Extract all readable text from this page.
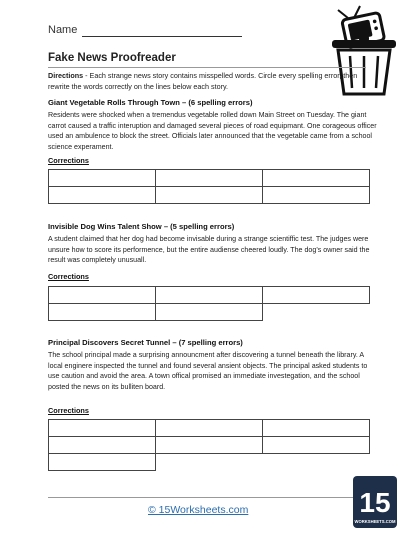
Name
Fake News Proofreader
Directions - Each strange news story contains misspelled words. Circle every spelling error, then rewrite the words correctly on the lines below each story.
Giant Vegetable Rolls Through Town – (6 spelling errors)
Residents were shocked when a tremendus vegetable rolled down Main Street on Tuesday. The giant carrot caused a traffic interuption and damaged several pieces of road equipmant. One corageous officer used an ambulence to block the street. Officials later announced that the vegetable came from a school science experament.
Corrections

Invisible Dog Wins Talent Show – (5 spelling errors)
A student claimed that her dog had become invisable during a strange scientiffic test. The judges were unsure how to score its performence, but the entire audiense cheered loudly. The dog’s owner said the result was completely unusuall.
Corrections

Principal Discovers Secret Tunnel – (7 spelling errors)
The school principal made a surprising announcment after discovering a tunnel beneath the library. A local enginere inspected the tunnel and found several ansient objects. The principal asked students to use caution and avoid the area. A town offical promised an immediate investegation, and the school posted the news on its bulliten board.
Corrections

© 15Worksheets.com	15
WORKSHEETS.COM
